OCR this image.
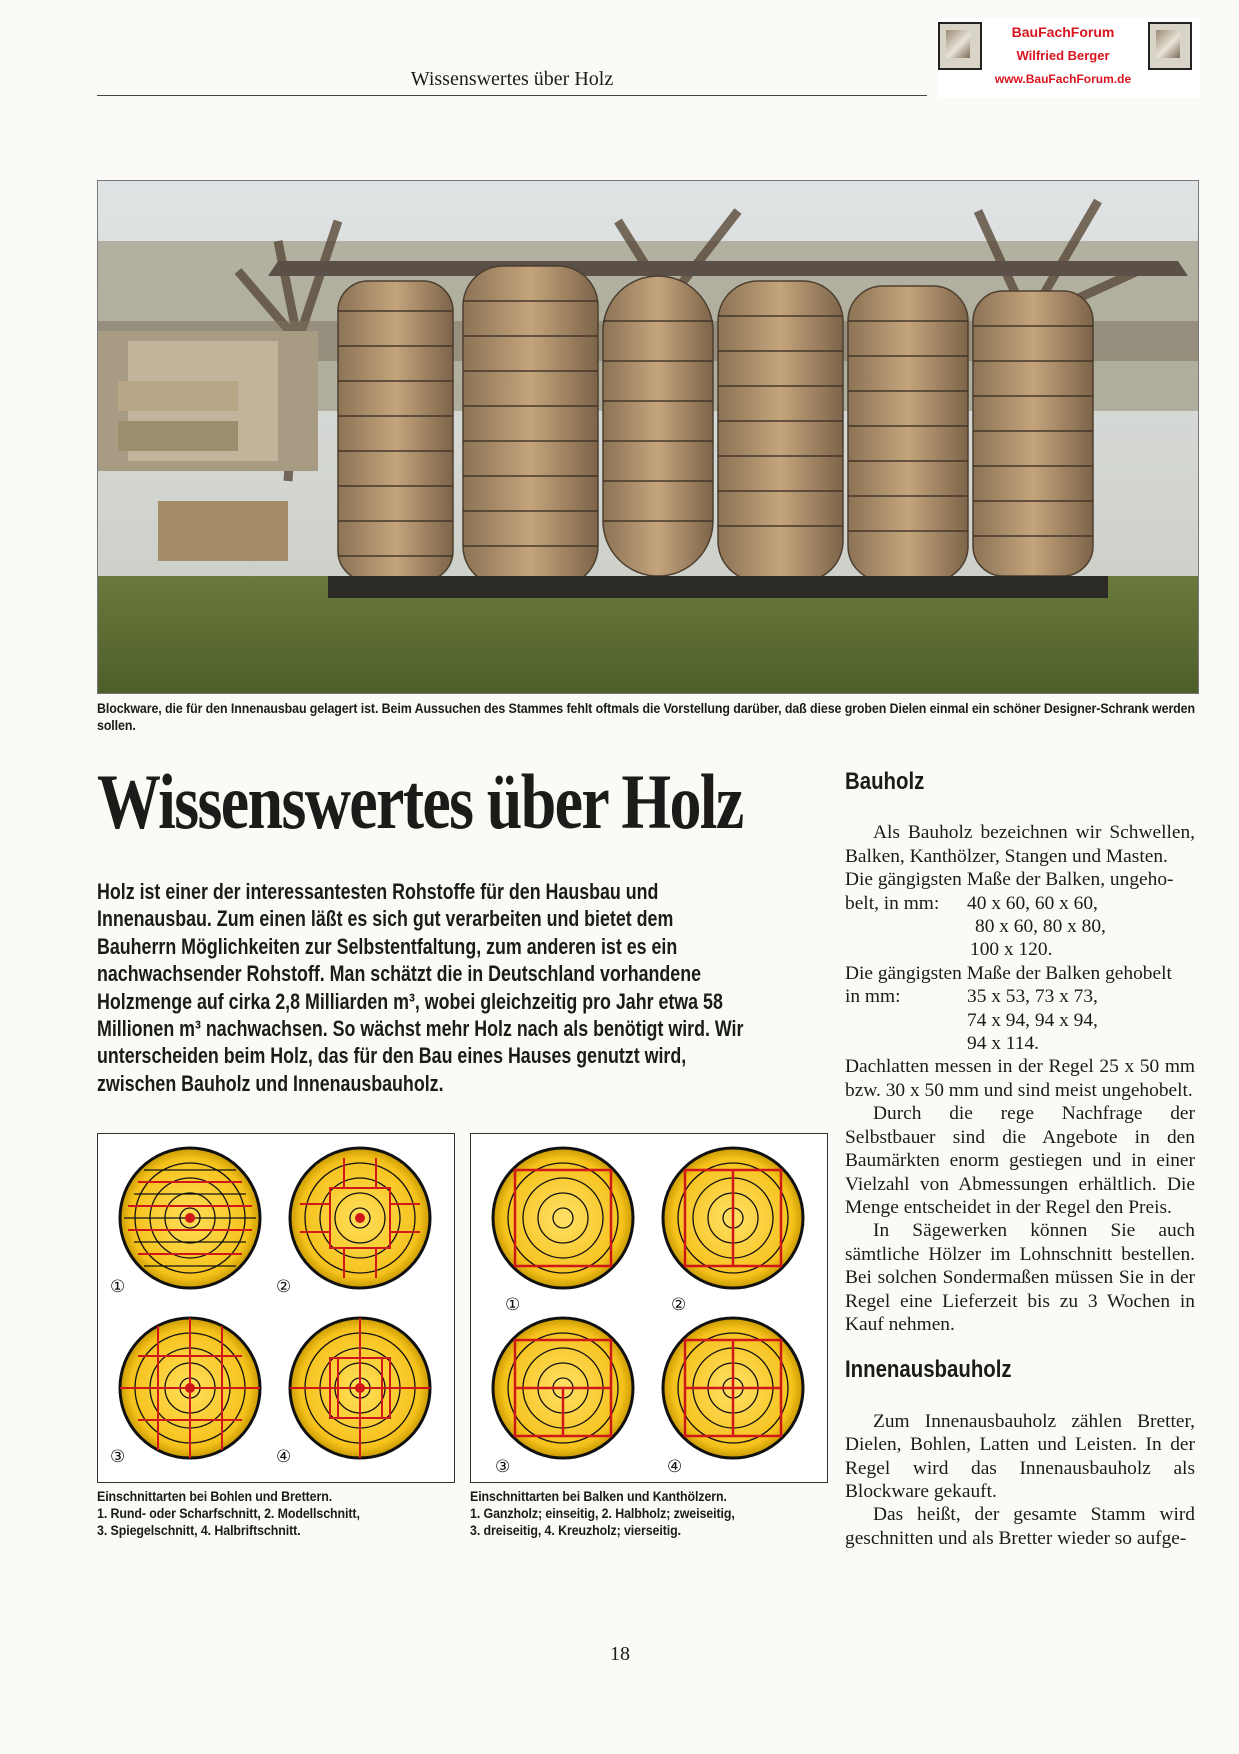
Wissenswertes über Holz
BauFachForum
Wilfried Berger
www.BauFachForum.de
Blockware, die für den Innenausbau gelagert ist. Beim Aussuchen des Stammes fehlt oftmals die Vorstellung darüber, daß diese groben Dielen einmal ein schöner Designer-Schrank werden sollen.
Wissenswertes über Holz
Holz ist einer der interessantesten Rohstoffe für den Hausbau und Innenausbau. Zum einen läßt es sich gut verarbeiten und bietet dem Bauherrn Möglichkeiten zur Selbstentfaltung, zum anderen ist es ein nachwachsender Rohstoff. Man schätzt die in Deutschland vorhandene Holzmenge auf cirka 2,8 Milliarden m³, wobei gleichzeitig pro Jahr etwa 58 Millionen m³ nachwachsen. So wächst mehr Holz nach als benötigt wird. Wir unterscheiden beim Holz, das für den Bau eines Hauses genutzt wird, zwischen Bauholz und Innenausbauholz.
①	②
③	④
①	②
③	④
Einschnittarten bei Bohlen und Brettern.
1. Rund- oder Scharfschnitt, 2. Modellschnitt,
3. Spiegelschnitt, 4. Halbriftschnitt.
Einschnittarten bei Balken und Kanthölzern.
1. Ganzholz; einseitig, 2. Halbholz; zweiseitig,
3. dreiseitig, 4. Kreuzholz; vierseitig.
Bauholz

Als Bauholz bezeichnen wir Schwellen, Balken, Kanthölzer, Stangen und Masten.

Die gängigsten Maße der Balken, ungeho-

belt, in mm:	40 x 60, 60 x 60,
80 x 60, 80 x 80,
100 x 120.

Die gängigsten Maße der Balken gehobelt

in mm:	35 x 53, 73 x 73,
74 x 94, 94 x 94,
94 x 114.

Dachlatten messen in der Regel 25 x 50 mm bzw. 30 x 50 mm und sind meist ungehobelt.

Durch die rege Nachfrage der Selbstbauer sind die Angebote in den Baumärkten enorm gestiegen und in einer Vielzahl von Abmessungen erhältlich. Die Menge entscheidet in der Regel den Preis.

In Sägewerken können Sie auch sämtliche Hölzer im Lohnschnitt bestellen. Bei solchen Sondermaßen müssen Sie in der Regel eine Lieferzeit bis zu 3 Wochen in Kauf nehmen.

Innenausbauholz

Zum Innenausbauholz zählen Bretter, Dielen, Bohlen, Latten und Leisten. In der Regel wird das Innenausbauholz als Blockware gekauft.

Das heißt, der gesamte Stamm wird geschnitten und als Bretter wieder so aufge-

18
